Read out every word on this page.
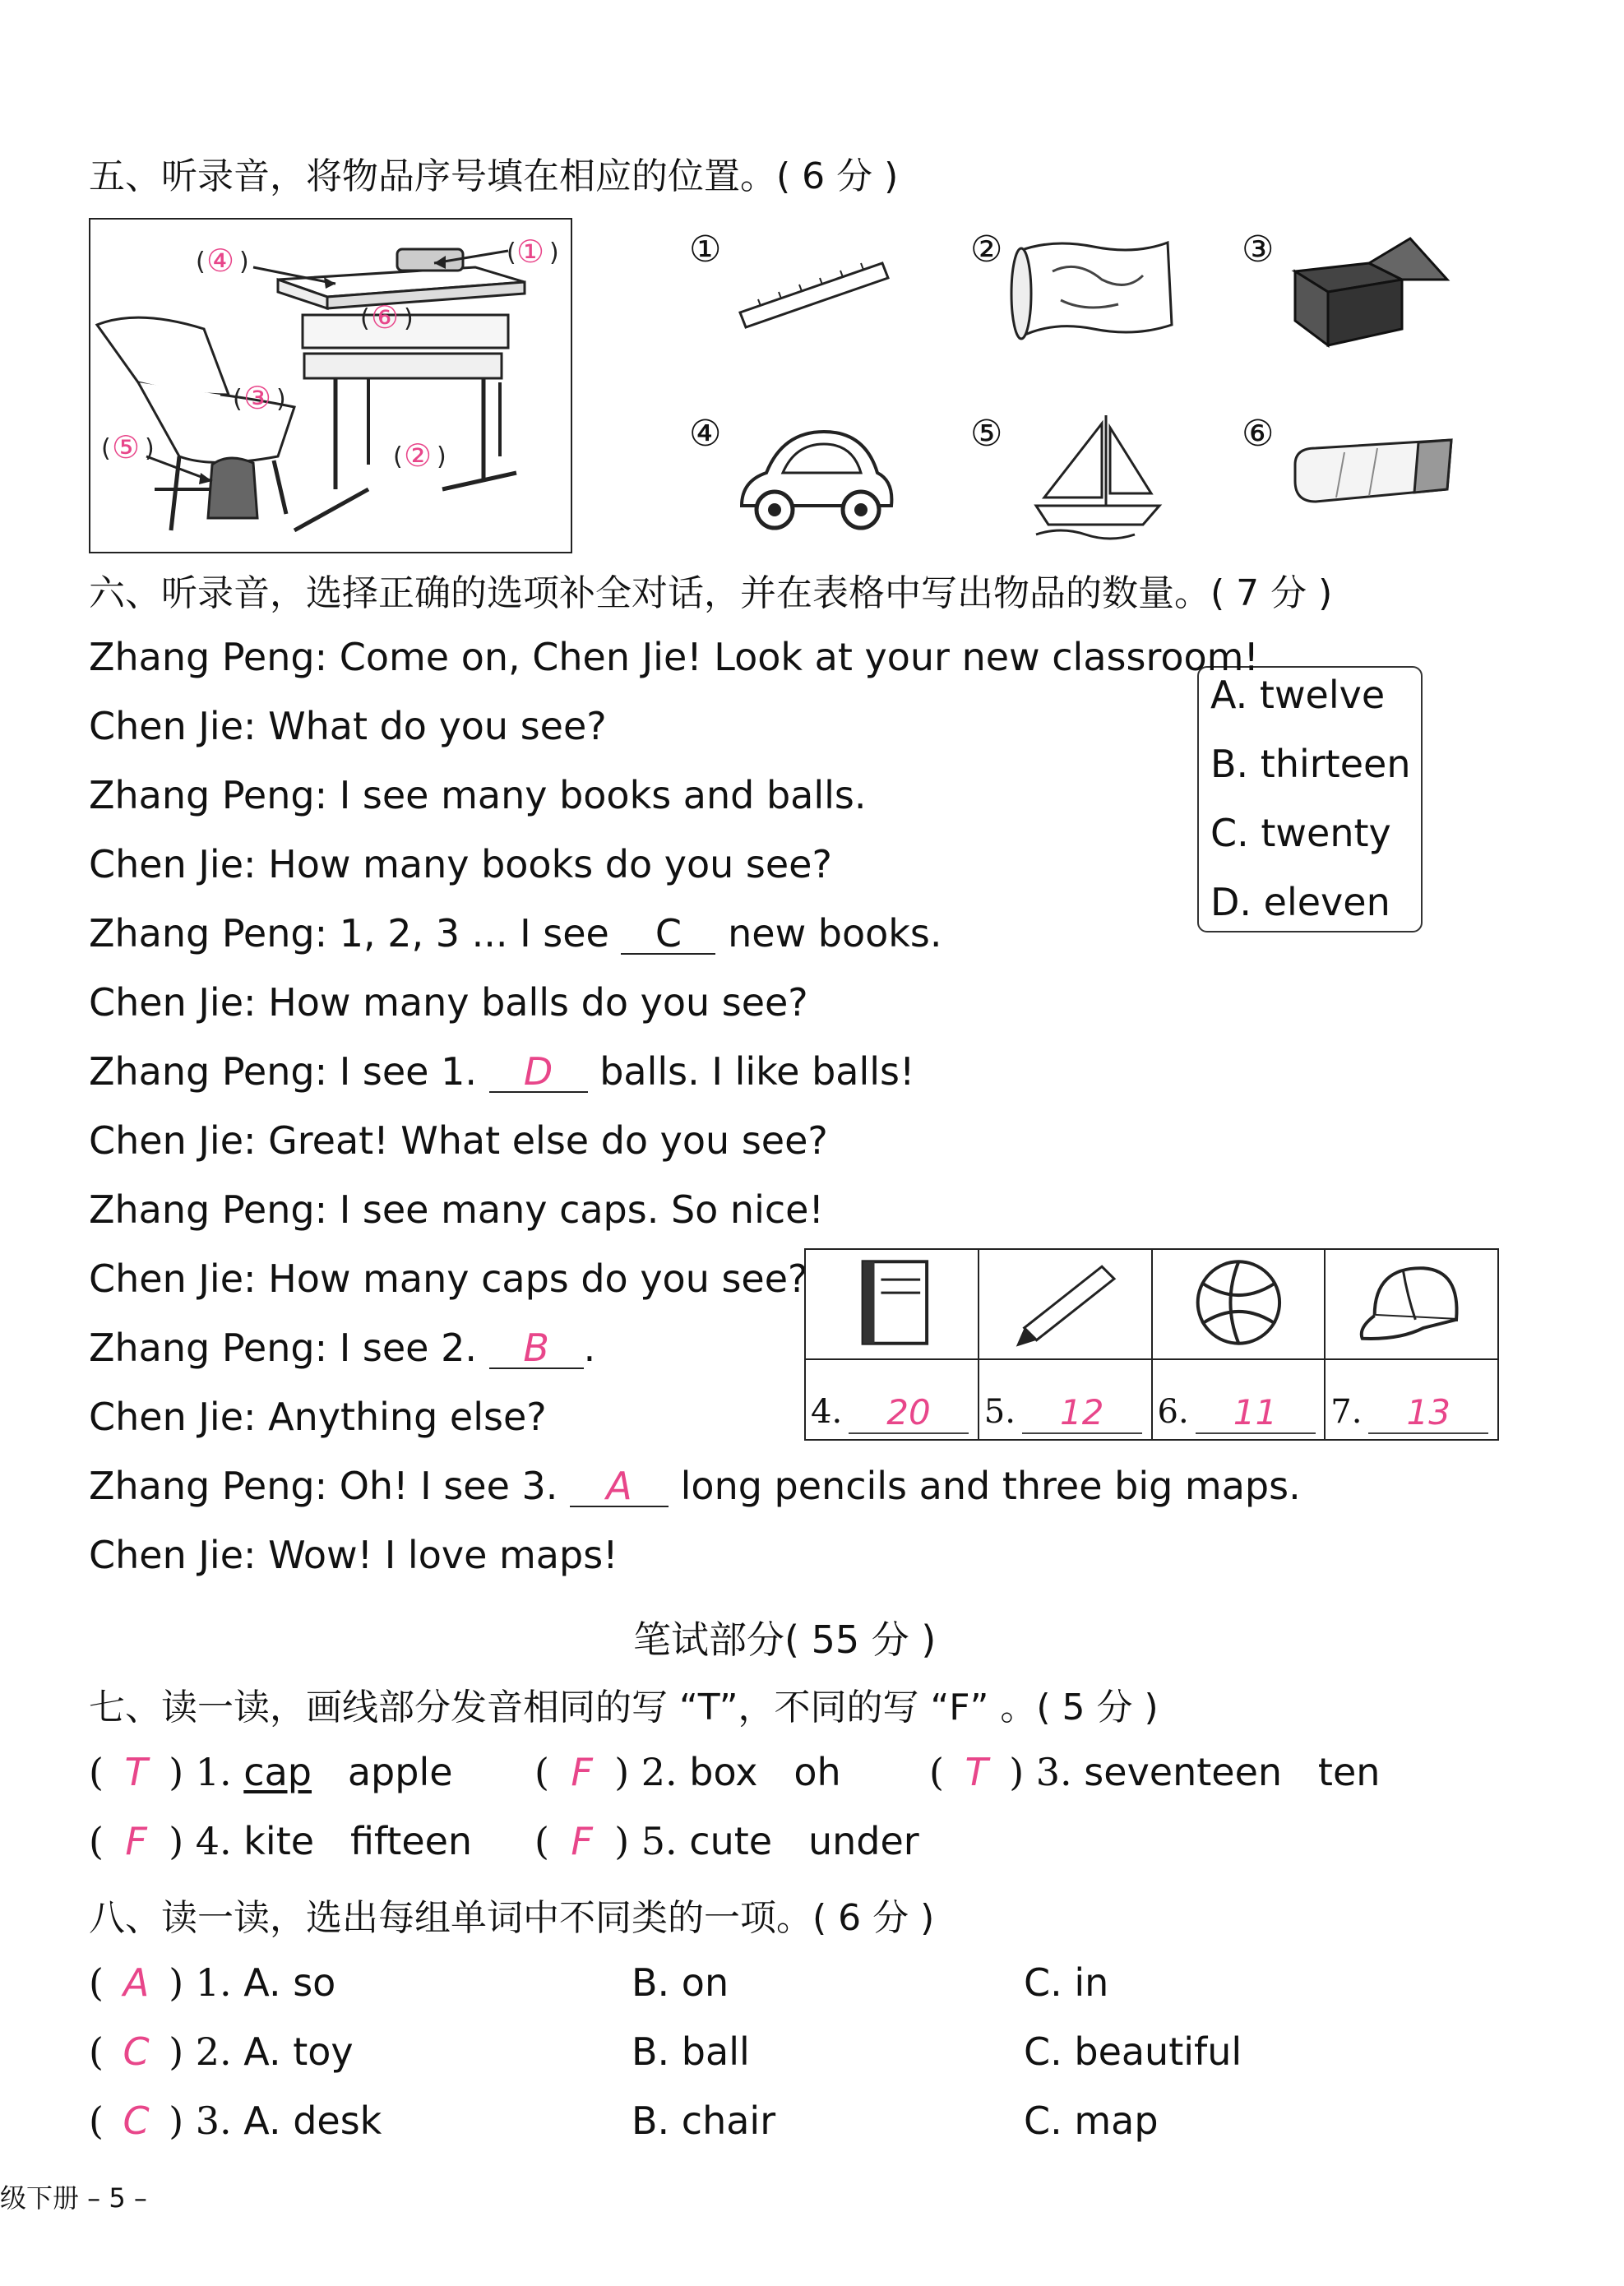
五、听录音，将物品序号填在相应的位置。( 6 分 )
( ④ )	( ① )
( ⑥ )
( ③ )
( ⑤ )	( ② )
①	②	③
④	⑤	⑥
六、听录音，选择正确的选项补全对话，并在表格中写出物品的数量。( 7 分 )
A. twelve
B. thirteen
C. twenty
D. eleven
Zhang Peng: Come on, Chen Jie! Look at your new classroom!
Chen Jie: What do you see?
Zhang Peng: I see many books and balls.
Chen Jie: How many books do you see?
Zhang Peng: 1, 2, 3 ... I see C new books.
Chen Jie: How many balls do you see?
Zhang Peng: I see 1. D balls. I like balls!
Chen Jie: Great! What else do you see?
Zhang Peng: I see many caps. So nice!
Chen Jie: How many caps do you see?
Zhang Peng: I see 2. B .
Chen Jie: Anything else?
Zhang Peng: Oh! I see 3. A long pencils and three big maps.
Chen Jie: Wow! I love maps!

4. 20	5. 12	6. 11	7. 13
笔试部分( 55 分 )
七、读一读，画线部分发音相同的写 “T”，不同的写 “F” 。( 5 分 )
( T ) 1. cap apple ( F ) 2. box oh ( T ) 3. seventeen ten
( F ) 4. kite fifteen ( F ) 5. cute under
八、读一读，选出每组单词中不同类的一项。( 6 分 )
( A ) 1. A. so	B. on	C. in
( C ) 2. A. toy	B. ball	C. beautiful
( C ) 3. A. desk	B. chair	C. map
级下册 – 5 –
